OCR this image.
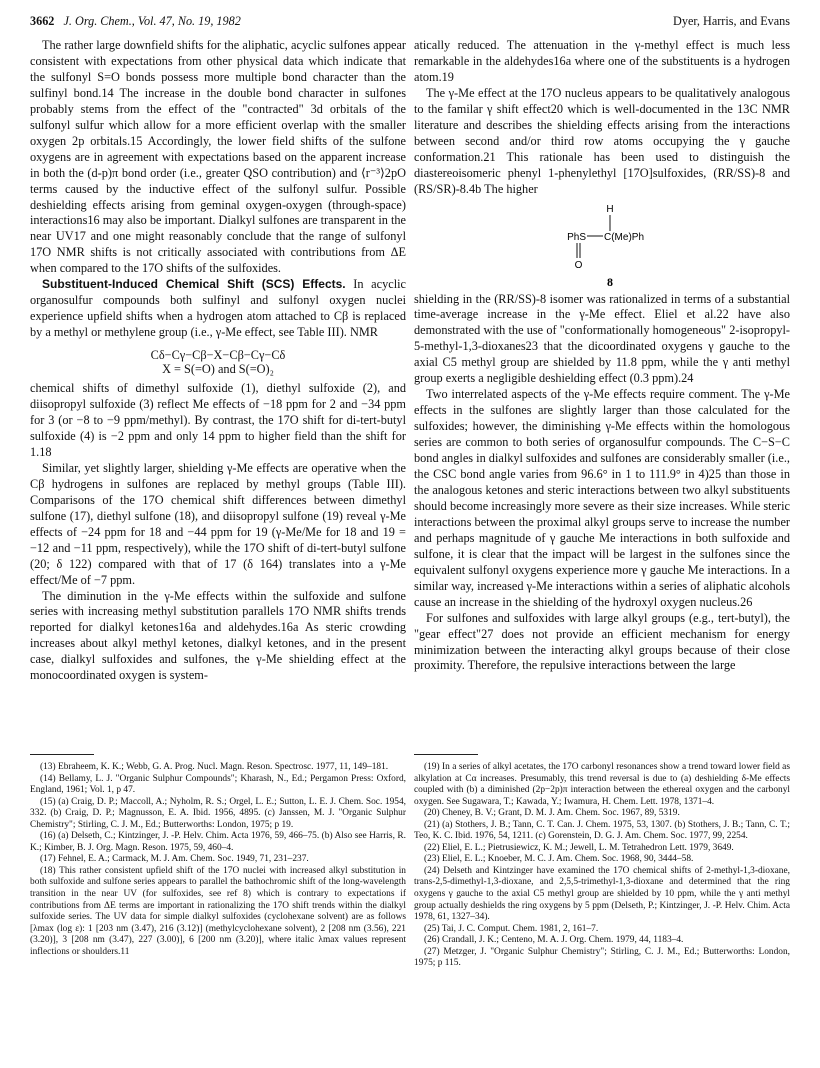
3662 J. Org. Chem., Vol. 47, No. 19, 1982	Dyer, Harris, and Evans

The rather large downfield shifts for the aliphatic, acyclic sulfones appear consistent with expectations from other physical data which indicate that the sulfonyl S=O bonds possess more multiple bond character than the sulfinyl bond.14 The increase in the double bond character in sulfones probably stems from the effect of the "contracted" 3d orbitals of the sulfonyl sulfur which allow for a more efficient overlap with the smaller oxygen 2p orbitals.15 Accordingly, the lower field shifts of the sulfone oxygens are in agreement with expectations based on the apparent increase in both the (d-p)π bond order (i.e., greater QSO contribution) and ⟨r⁻³⟩2pO terms caused by the inductive effect of the sulfonyl sulfur. Possible deshielding effects arising from geminal oxygen-oxygen (through-space) interactions16 may also be important. Dialkyl sulfones are transparent in the near UV17 and one might reasonably conclude that the range of sulfonyl 17O NMR shifts is not critically associated with contributions from ΔE when compared to the 17O shifts of the sulfoxides.

Substituent-Induced Chemical Shift (SCS) Effects. In acyclic organosulfur compounds both sulfinyl and sulfonyl oxygen nuclei experience upfield shifts when a hydrogen atom attached to Cβ is replaced by a methyl or methylene group (i.e., γ-Me effect, see Table III). NMR

Cδ−Cγ−Cβ−X−Cβ−Cγ−Cδ
X = S(=O) and S(=O)₂

chemical shifts of dimethyl sulfoxide (1), diethyl sulfoxide (2), and diisopropyl sulfoxide (3) reflect Me effects of −18 ppm for 2 and −34 ppm for 3 (or −8 to −9 ppm/methyl). By contrast, the 17O shift for di-tert-butyl sulfoxide (4) is −2 ppm and only 14 ppm to higher field than the shift for 1.18

Similar, yet slightly larger, shielding γ-Me effects are operative when the Cβ hydrogens in sulfones are replaced by methyl groups (Table III). Comparisons of the 17O chemical shift differences between dimethyl sulfone (17), diethyl sulfone (18), and diisopropyl sulfone (19) reveal γ-Me effects of −24 ppm for 18 and −44 ppm for 19 (γ-Me/Me for 18 and 19 = −12 and −11 ppm, respectively), while the 17O shift of di-tert-butyl sulfone (20; δ 122) compared with that of 17 (δ 164) translates into a γ-Me effect/Me of −7 ppm.

The diminution in the γ-Me effects within the sulfoxide and sulfone series with increasing methyl substitution parallels 17O NMR shifts trends reported for dialkyl ketones16a and aldehydes.16a As steric crowding increases about alkyl methyl ketones, dialkyl ketones, and in the present case, dialkyl sulfoxides and sulfones, the γ-Me shielding effect at the monocoordinated oxygen is system-

atically reduced. The attenuation in the γ-methyl effect is much less remarkable in the aldehydes16a where one of the substituents is a hydrogen atom.19

The γ-Me effect at the 17O nucleus appears to be qualitatively analogous to the familar γ shift effect20 which is well-documented in the 13C NMR literature and describes the shielding effects arising from the interactions between second and/or third row atoms occupying the γ gauche conformation.21 This rationale has been used to distinguish the diastereoisomeric phenyl 1-phenylethyl [17O]sulfoxides, (RR/SS)-8 and (RS/SR)-8.4b The higher

H
PhS C(Me)Ph
O
8

shielding in the (RR/SS)-8 isomer was rationalized in terms of a substantial time-average increase in the γ-Me effect. Eliel et al.22 have also demonstrated with the use of "conformationally homogeneous" 2-isopropyl-5-methyl-1,3-dioxanes23 that the dicoordinated oxygens γ gauche to the axial C5 methyl group are shielded by 11.8 ppm, while the γ anti methyl group exerts a negligible deshielding effect (0.3 ppm).24

Two interrelated aspects of the γ-Me effects require comment. The γ-Me effects in the sulfones are slightly larger than those calculated for the sulfoxides; however, the diminishing γ-Me effects within the homologous series are common to both series of organosulfur compounds. The C−S−C bond angles in dialkyl sulfoxides and sulfones are considerably smaller (i.e., the CSC bond angle varies from 96.6° in 1 to 111.9° in 4)25 than those in the analogous ketones and steric interactions between two alkyl substituents should become increasingly more severe as their size increases. While steric interactions between the proximal alkyl groups serve to increase the number and perhaps magnitude of γ gauche Me interactions in both sulfoxide and sulfone, it is clear that the impact will be largest in the sulfones since the equivalent sulfonyl oxygens experience more γ gauche Me interactions. In a similar way, increased γ-Me interactions within a series of aliphatic alcohols cause an increase in the shielding of the hydroxyl oxygen nucleus.26

For sulfones and sulfoxides with large alkyl groups (e.g., tert-butyl), the "gear effect"27 does not provide an efficient mechanism for energy minimization between the interacting alkyl groups because of their close proximity. Therefore, the repulsive interactions between the large

(13) Ebraheem, K. K.; Webb, G. A. Prog. Nucl. Magn. Reson. Spectrosc. 1977, 11, 149–181.

(14) Bellamy, L. J. "Organic Sulphur Compounds"; Kharash, N., Ed.; Pergamon Press: Oxford, England, 1961; Vol. 1, p 47.

(15) (a) Craig, D. P.; Maccoll, A.; Nyholm, R. S.; Orgel, L. E.; Sutton, L. E. J. Chem. Soc. 1954, 332. (b) Craig, D. P.; Magnusson, E. A. Ibid. 1956, 4895. (c) Janssen, M. J. "Organic Sulphur Chemistry"; Stirling, C. J. M., Ed.; Butterworths: London, 1975; p 19.

(16) (a) Delseth, C.; Kintzinger, J. -P. Helv. Chim. Acta 1976, 59, 466–75. (b) Also see Harris, R. K.; Kimber, B. J. Org. Magn. Reson. 1975, 59, 460–4.

(17) Fehnel, E. A.; Carmack, M. J. Am. Chem. Soc. 1949, 71, 231–237.

(18) This rather consistent upfield shift of the 17O nuclei with increased alkyl substitution in both sulfoxide and sulfone series appears to parallel the bathochromic shift of the long-wavelength transition in the near UV (for sulfoxides, see ref 8) which is contrary to expectations if contributions from ΔE terms are important in rationalizing the 17O shift trends within the dialkyl sulfoxide series. The UV data for simple dialkyl sulfoxides (cyclohexane solvent) are as follows [λmax (log ε): 1 [203 nm (3.47), 216 (3.12)] (methylcyclohexane solvent), 2 [208 nm (3.56), 221 (3.20)], 3 [208 nm (3.47), 227 (3.00)], 6 [200 nm (3.20)], where italic λmax values represent inflections or shoulders.11

(19) In a series of alkyl acetates, the 17O carbonyl resonances show a trend toward lower field as alkylation at Cα increases. Presumably, this trend reversal is due to (a) deshielding δ-Me effects coupled with (b) a diminished (2p−2p)π interaction between the ethereal oxygen and the carbonyl oxygen. See Sugawara, T.; Kawada, Y.; Iwamura, H. Chem. Lett. 1978, 1371–4.

(20) Cheney, B. V.; Grant, D. M. J. Am. Chem. Soc. 1967, 89, 5319.

(21) (a) Stothers, J. B.; Tann, C. T. Can. J. Chem. 1975, 53, 1307. (b) Stothers, J. B.; Tann, C. T.; Teo, K. C. Ibid. 1976, 54, 1211. (c) Gorenstein, D. G. J. Am. Chem. Soc. 1977, 99, 2254.

(22) Eliel, E. L.; Pietrusiewicz, K. M.; Jewell, L. M. Tetrahedron Lett. 1979, 3649.

(23) Eliel, E. L.; Knoeber, M. C. J. Am. Chem. Soc. 1968, 90, 3444–58.

(24) Delseth and Kintzinger have examined the 17O chemical shifts of 2-methyl-1,3-dioxane, trans-2,5-dimethyl-1,3-dioxane, and 2,5,5-trimethyl-1,3-dioxane and determined that the ring oxygens γ gauche to the axial C5 methyl group are shielded by 10 ppm, while the γ anti methyl group actually deshields the ring oxygens by 5 ppm (Delseth, P.; Kintzinger, J. -P. Helv. Chim. Acta 1978, 61, 1327–34).

(25) Tai, J. C. Comput. Chem. 1981, 2, 161–7.

(26) Crandall, J. K.; Centeno, M. A. J. Org. Chem. 1979, 44, 1183–4.

(27) Metzger, J. "Organic Sulphur Chemistry"; Stirling, C. J. M., Ed.; Butterworths: London, 1975; p 115.
